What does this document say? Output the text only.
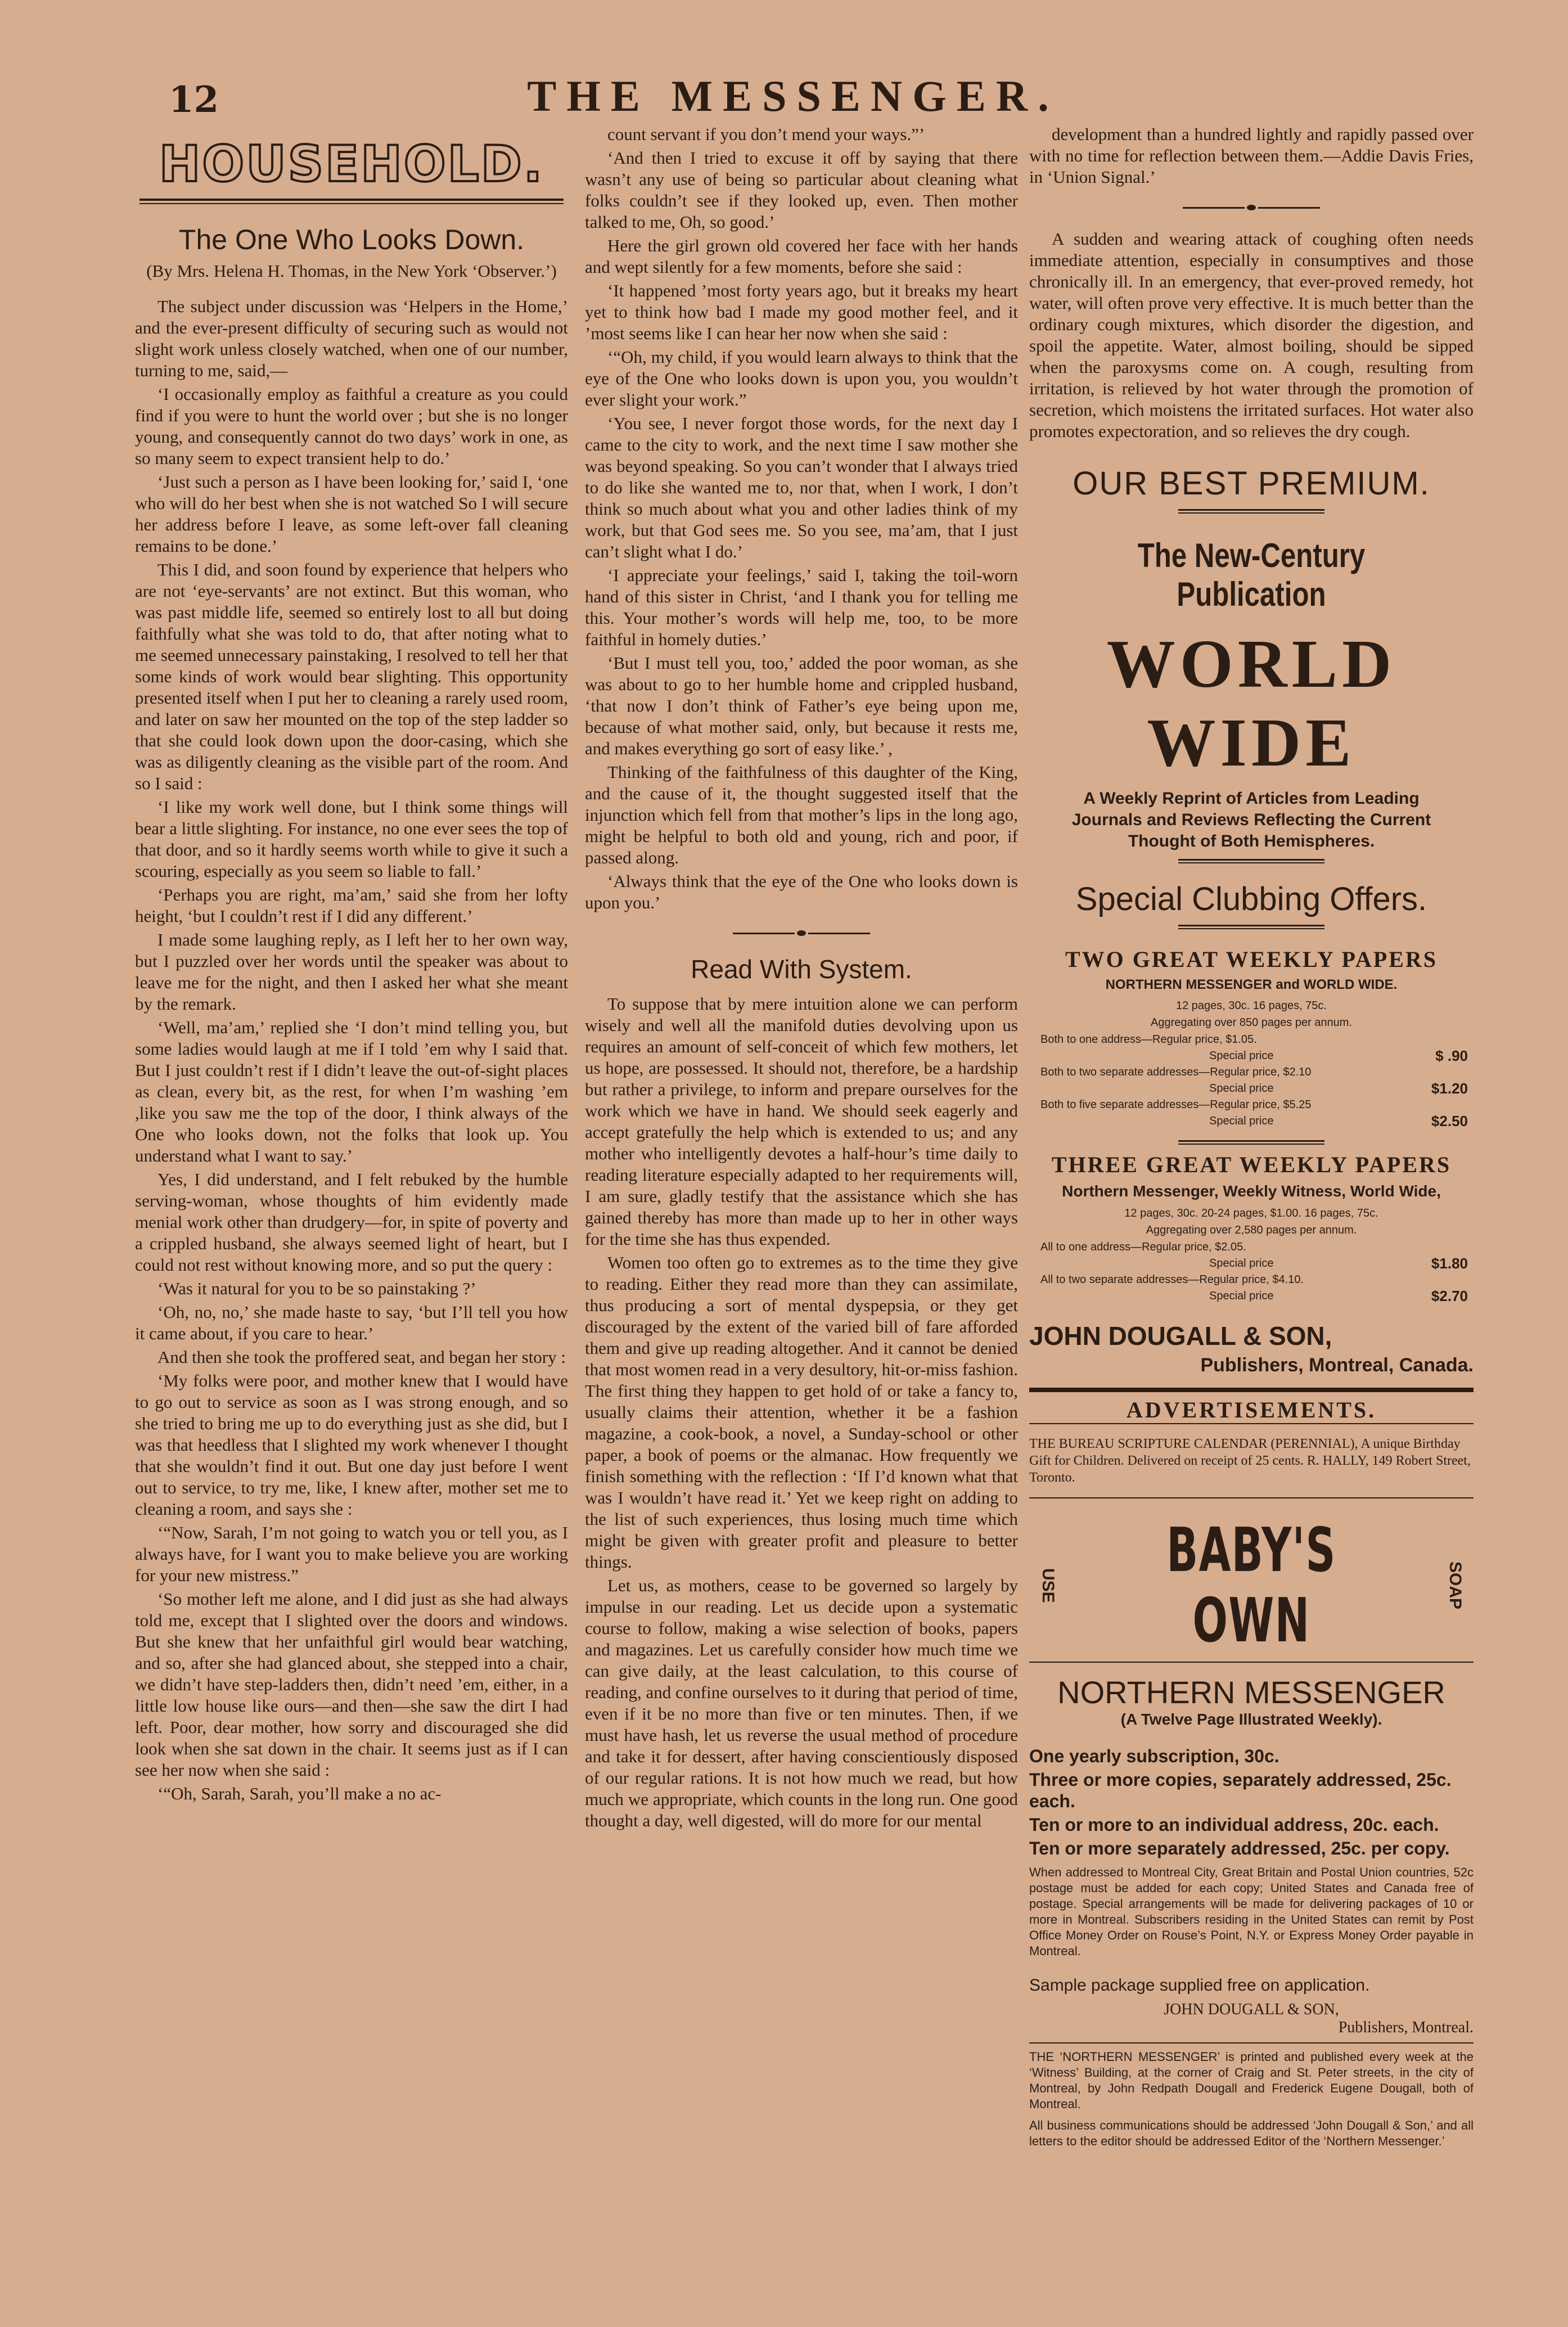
12	THE MESSENGER.
HOUSEHOLD.
The One Who Looks Down.
(By Mrs. Helena H. Thomas, in the New York ‘Observer.’)

The subject under discussion was ‘Helpers in the Home,’ and the ever-present difficulty of securing such as would not slight work unless closely watched, when one of our number, turning to me, said,—

‘I occasionally employ as faithful a creature as you could find if you were to hunt the world over ; but she is no longer young, and consequently cannot do two days’ work in one, as so many seem to expect transient help to do.’

‘Just such a person as I have been looking for,’ said I, ‘one who will do her best when she is not watched So I will secure her address before I leave, as some left-over fall cleaning remains to be done.’

This I did, and soon found by experience that helpers who are not ‘eye-servants’ are not extinct. But this woman, who was past middle life, seemed so entirely lost to all but doing faithfully what she was told to do, that after noting what to me seemed unnecessary painstaking, I resolved to tell her that some kinds of work would bear slighting. This opportunity presented itself when I put her to cleaning a rarely used room, and later on saw her mounted on the top of the step ladder so that she could look down upon the door-casing, which she was as diligently cleaning as the visible part of the room. And so I said :

‘I like my work well done, but I think some things will bear a little slighting. For instance, no one ever sees the top of that door, and so it hardly seems worth while to give it such a scouring, especially as you seem so liable to fall.’

‘Perhaps you are right, ma’am,’ said she from her lofty height, ‘but I couldn’t rest if I did any different.’

I made some laughing reply, as I left her to her own way, but I puzzled over her words until the speaker was about to leave me for the night, and then I asked her what she meant by the remark.

‘Well, ma’am,’ replied she ‘I don’t mind telling you, but some ladies would laugh at me if I told ’em why I said that. But I just couldn’t rest if I didn’t leave the out-of-sight places as clean, every bit, as the rest, for when I’m washing ’em ,like you saw me the top of the door, I think always of the One who looks down, not the folks that look up. You understand what I want to say.’

Yes, I did understand, and I felt rebuked by the humble serving-woman, whose thoughts of him evidently made menial work other than drudgery—for, in spite of poverty and a crippled husband, she always seemed light of heart, but I could not rest without knowing more, and so put the query :

‘Was it natural for you to be so painstaking ?’

‘Oh, no, no,’ she made haste to say, ‘but I’ll tell you how it came about, if you care to hear.’

And then she took the proffered seat, and began her story :

‘My folks were poor, and mother knew that I would have to go out to service as soon as I was strong enough, and so she tried to bring me up to do everything just as she did, but I was that heedless that I slighted my work whenever I thought that she wouldn’t find it out. But one day just before I went out to service, to try me, like, I knew after, mother set me to cleaning a room, and says she :

‘“Now, Sarah, I’m not going to watch you or tell you, as I always have, for I want you to make believe you are working for your new mistress.”

‘So mother left me alone, and I did just as she had always told me, except that I slighted over the doors and windows. But she knew that her unfaithful girl would bear watching, and so, after she had glanced about, she stepped into a chair, we didn’t have step-ladders then, didn’t need ’em, either, in a little low house like ours—and then—she saw the dirt I had left. Poor, dear mother, how sorry and discouraged she did look when she sat down in the chair. It seems just as if I can see her now when she said :

‘“Oh, Sarah, Sarah, you’ll make a no ac-

count servant if you don’t mend your ways.”’

‘And then I tried to excuse it off by saying that there wasn’t any use of being so particular about cleaning what folks couldn’t see if they looked up, even. Then mother talked to me, Oh, so good.’

Here the girl grown old covered her face with her hands and wept silently for a few moments, before she said :

‘It happened ’most forty years ago, but it breaks my heart yet to think how bad I made my good mother feel, and it ’most seems like I can hear her now when she said :

‘“Oh, my child, if you would learn always to think that the eye of the One who looks down is upon you, you wouldn’t ever slight your work.”

‘You see, I never forgot those words, for the next day I came to the city to work, and the next time I saw mother she was beyond speaking. So you can’t wonder that I always tried to do like she wanted me to, nor that, when I work, I don’t think so much about what you and other ladies think of my work, but that God sees me. So you see, ma’am, that I just can’t slight what I do.’

‘I appreciate your feelings,’ said I, taking the toil-worn hand of this sister in Christ, ‘and I thank you for telling me this. Your mother’s words will help me, too, to be more faithful in homely duties.’

‘But I must tell you, too,’ added the poor woman, as she was about to go to her humble home and crippled husband, ‘that now I don’t think of Father’s eye being upon me, because of what mother said, only, but because it rests me, and makes everything go sort of easy like.’ ,

Thinking of the faithfulness of this daughter of the King, and the cause of it, the thought suggested itself that the injunction which fell from that mother’s lips in the long ago, might be helpful to both old and young, rich and poor, if passed along.

‘Always think that the eye of the One who looks down is upon you.’

Read With System.

To suppose that by mere intuition alone we can perform wisely and well all the manifold duties devolving upon us requires an amount of self-conceit of which few mothers, let us hope, are possessed. It should not, therefore, be a hardship but rather a privilege, to inform and prepare ourselves for the work which we have in hand. We should seek eagerly and accept gratefully the help which is extended to us; and any mother who intelligently devotes a half-hour’s time daily to reading literature especially adapted to her requirements will, I am sure, gladly testify that the assistance which she has gained thereby has more than made up to her in other ways for the time she has thus expended.

Women too often go to extremes as to the time they give to reading. Either they read more than they can assimilate, thus producing a sort of mental dyspepsia, or they get discouraged by the extent of the varied bill of fare afforded them and give up reading altogether. And it cannot be denied that most women read in a very desultory, hit-or-miss fashion. The first thing they happen to get hold of or take a fancy to, usually claims their attention, whether it be a fashion magazine, a cook-book, a novel, a Sunday-school or other paper, a book of poems or the almanac. How frequently we finish something with the reflection : ‘If I’d known what that was I wouldn’t have read it.’ Yet we keep right on adding to the list of such experiences, thus losing much time which might be given with greater profit and pleasure to better things.

Let us, as mothers, cease to be governed so largely by impulse in our reading. Let us decide upon a systematic course to follow, making a wise selection of books, papers and magazines. Let us carefully consider how much time we can give daily, at the least calculation, to this course of reading, and confine ourselves to it during that period of time, even if it be no more than five or ten minutes. Then, if we must have hash, let us reverse the usual method of procedure and take it for dessert, after having conscientiously disposed of our regular rations. It is not how much we read, but how much we appropriate, which counts in the long run. One good thought a day, well digested, will do more for our mental

development than a hundred lightly and rapidly passed over with no time for reflection between them.—Addie Davis Fries, in ‘Union Signal.’

A sudden and wearing attack of coughing often needs immediate attention, especially in consumptives and those chronically ill. In an emergency, that ever-proved remedy, hot water, will often prove very effective. It is much better than the ordinary cough mixtures, which disorder the digestion, and spoil the appetite. Water, almost boiling, should be sipped when the paroxysms come on. A cough, resulting from irritation, is relieved by hot water through the promotion of secretion, which moistens the irritated surfaces. Hot water also promotes expectoration, and so relieves the dry cough.

OUR BEST PREMIUM.
The New-Century Publication
WORLD WIDE
A Weekly Reprint of Articles from Leading Journals and Reviews Reflecting the Current Thought of Both Hemispheres.
Special Clubbing Offers.
TWO GREAT WEEKLY PAPERS
NORTHERN MESSENGER and WORLD WIDE.
12 pages, 30c. 16 pages, 75c.
Aggregating over 850 pages per annum.
Both to one address—Regular price, $1.05.
Special price	$ .90
Both to two separate addresses—Regular price, $2.10
Special price	$1.20
Both to five separate addresses—Regular price, $5.25
Special price	$2.50
THREE GREAT WEEKLY PAPERS
Northern Messenger, Weekly Witness, World Wide,
12 pages, 30c. 20-24 pages, $1.00. 16 pages, 75c.
Aggregating over 2,580 pages per annum.
All to one address—Regular price, $2.05.
Special price	$1.80
All to two separate addresses—Regular price, $4.10.
Special price	$2.70
JOHN DOUGALL & SON,
Publishers, Montreal, Canada.
ADVERTISEMENTS.
THE BUREAU SCRIPTURE CALENDAR (PERENNIAL), A unique Birthday Gift for Children. Delivered on receipt of 25 cents. R. HALLY, 149 Robert Street, Toronto.
USE	BABY'S OWN	SOAP
NORTHERN MESSENGER
(A Twelve Page Illustrated Weekly).
One yearly subscription, 30c.
Three or more copies, separately addressed, 25c. each.
Ten or more to an individual address, 20c. each.
Ten or more separately addressed, 25c. per copy.
When addressed to Montreal City, Great Britain and Postal Union countries, 52c postage must be added for each copy; United States and Canada free of postage. Special arrangements will be made for delivering packages of 10 or more in Montreal. Subscribers residing in the United States can remit by Post Office Money Order on Rouse’s Point, N.Y. or Express Money Order payable in Montreal.
Sample package supplied free on application.
JOHN DOUGALL & SON,
Publishers, Montreal.
THE ‘NORTHERN MESSENGER’ is printed and published every week at the ‘Witness’ Building, at the corner of Craig and St. Peter streets, in the city of Montreal, by John Redpath Dougall and Frederick Eugene Dougall, both of Montreal.
All business communications should be addressed ‘John Dougall & Son,’ and all letters to the editor should be addressed Editor of the ‘Northern Messenger.’
